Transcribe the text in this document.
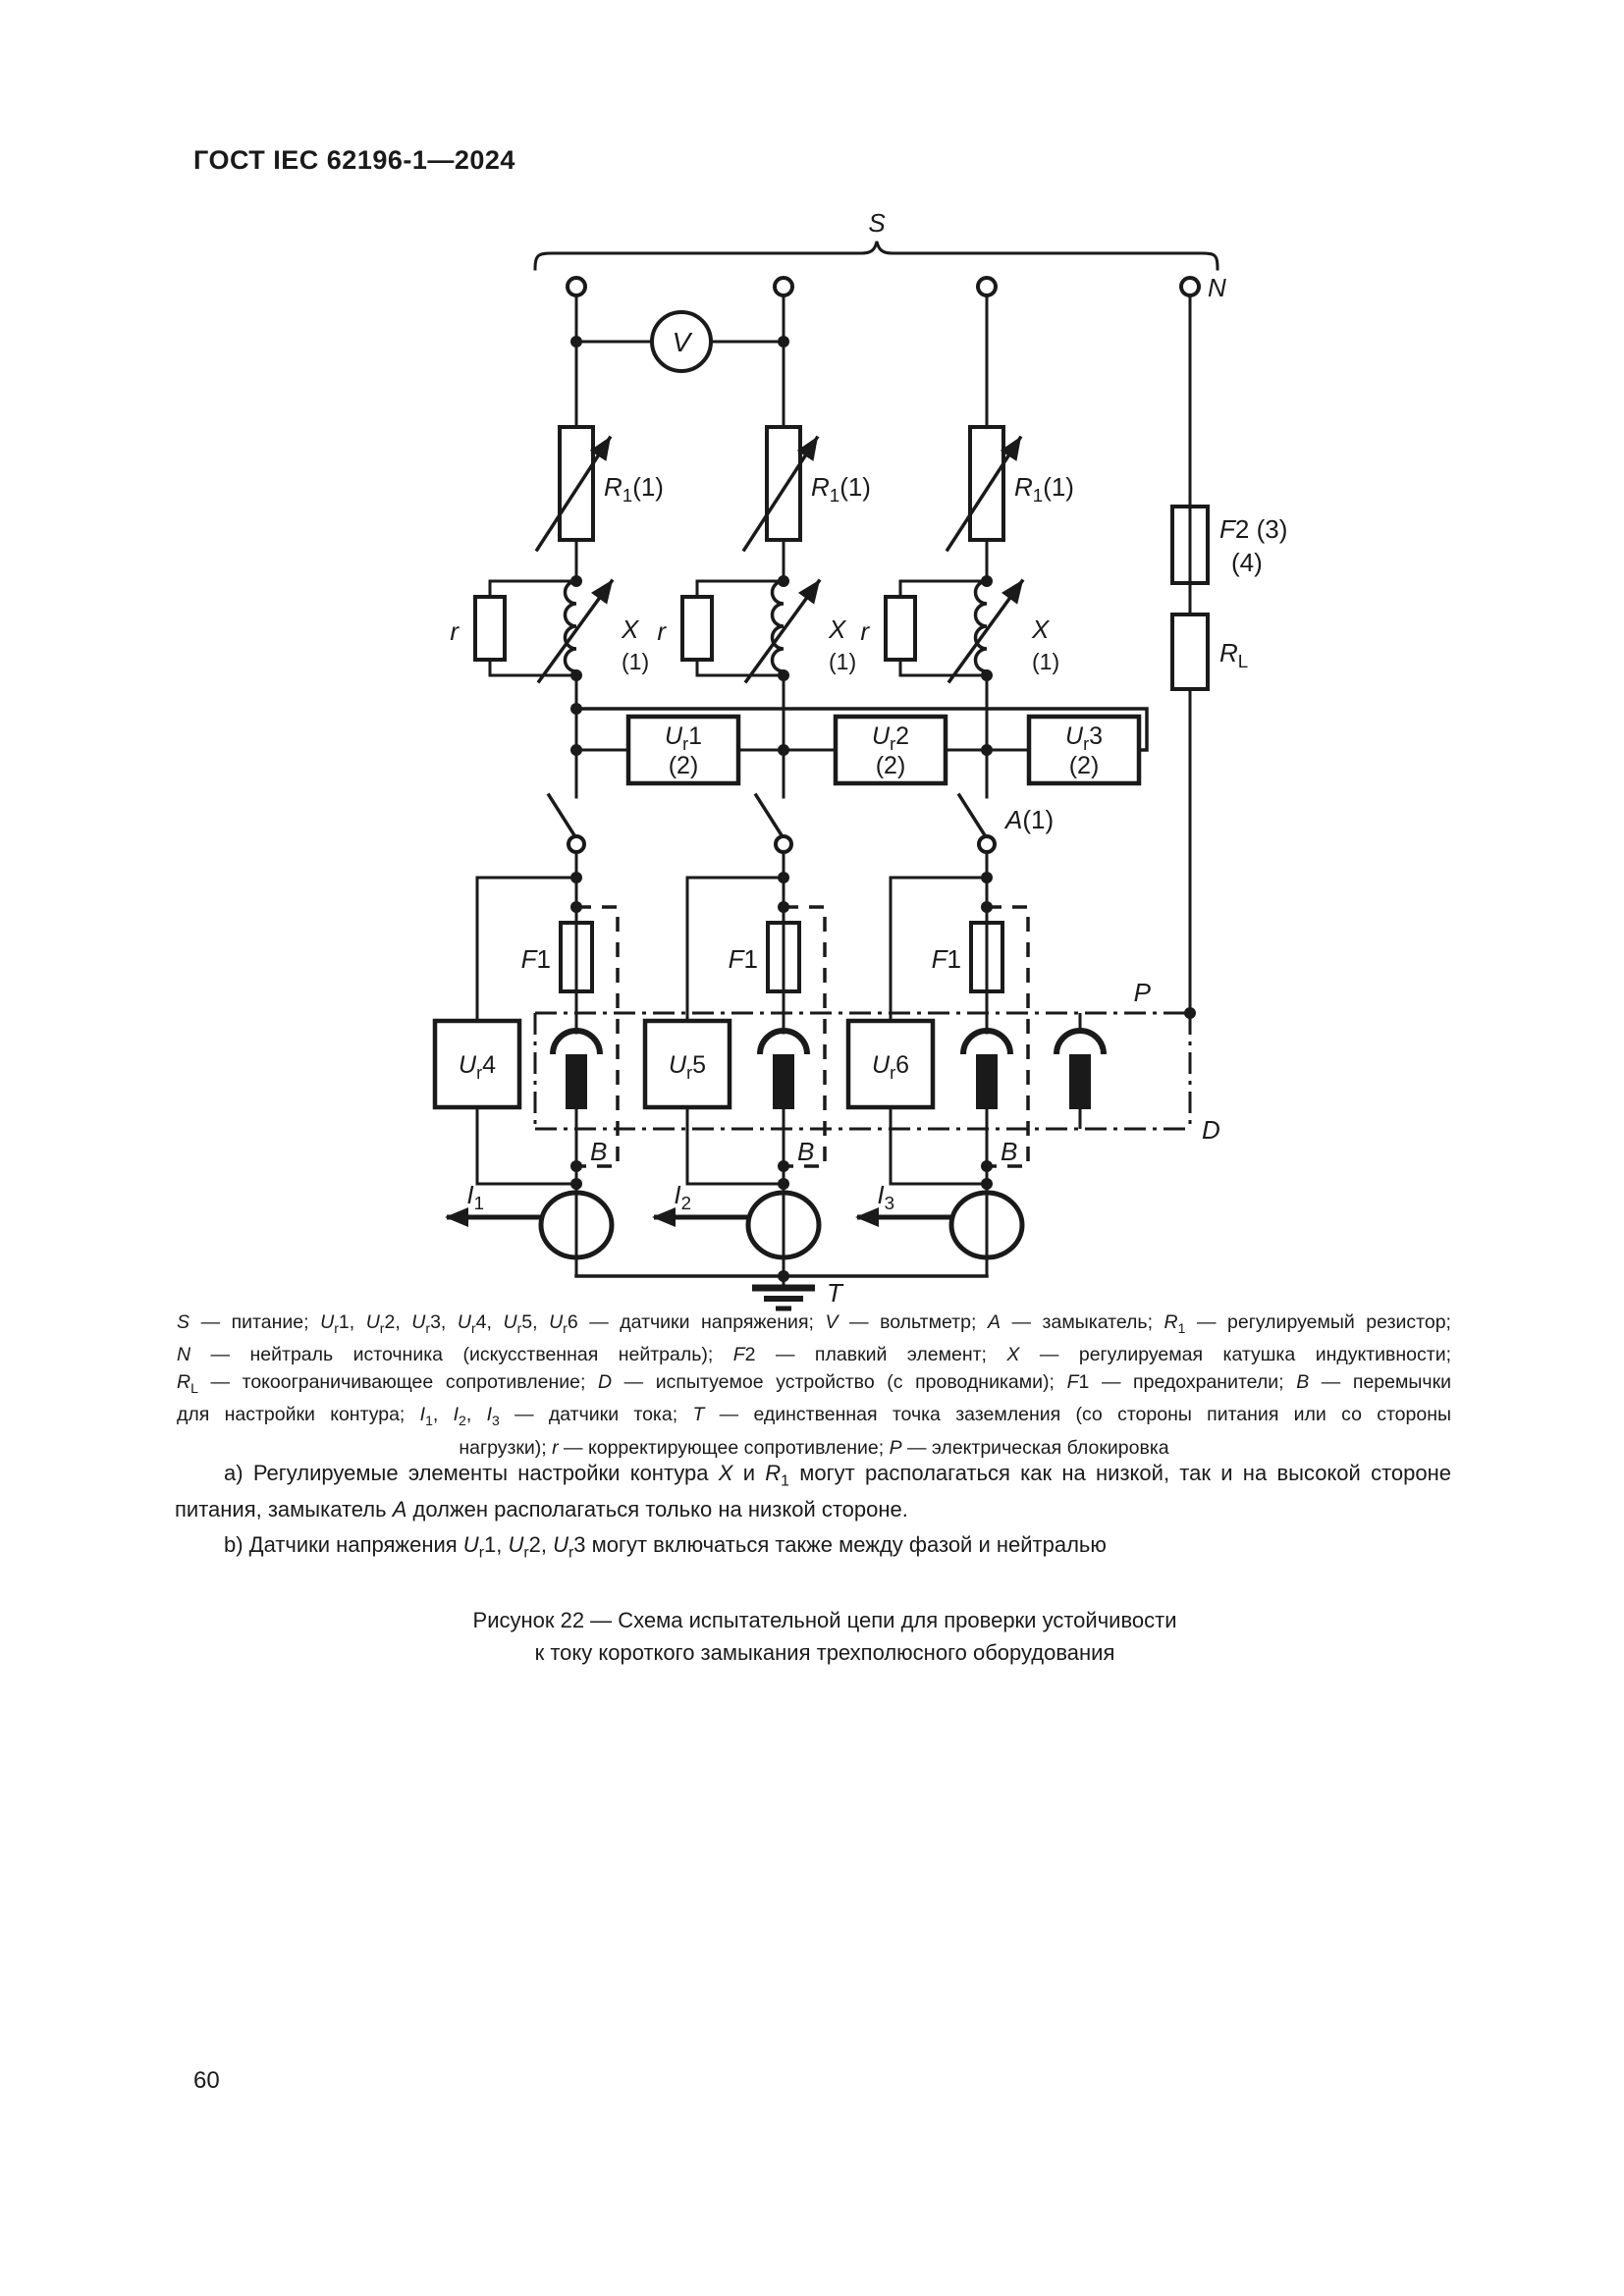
ГОСТ IEC 62196-1—2024
S
N
V
$R_1(1)$	$R_1(1)$	$R_1(1)$
r	X
(1)
r	X
(1)
r	X
(1)
$U_r1$
(2)
$U_r2$
(2)
$U_r3$
(2)
F2 (3)
(4)
$R_L$
A(1)
B	B	B
F1	F1	F1
P
D
$U_r4$	$U_r5$	$U_r6$
$I_1$	$I_2$	$I_3$
T
S — питание; $U_r1$, $U_r2$, $U_r3$, $U_r4$, $U_r5$, $U_r6$ — датчики напряжения; V — вольтметр; A — замыкатель; $R_1$ — регулируемый резистор;
N — нейтраль источника (искусственная нейтраль); F2 — плавкий элемент; X — регулируемая катушка индуктивности;
$R_L$ — токоограничивающее сопротивление; D — испытуемое устройство (с проводниками); F1 — предохранители; B — перемычки
для настройки контура; $I_1$, $I_2$, $I_3$ — датчики тока; T — единственная точка заземления (со стороны питания или со стороны
нагрузки); r — корректирующее сопротивление; P — электрическая блокировка

a) Регулируемые элементы настройки контура X и $R_1$ могут располагаться как на низкой, так и на высокой стороне питания, замыкатель A должен располагаться только на низкой стороне.

b) Датчики напряжения $U_r1$, $U_r2$, $U_r3$ могут включаться также между фазой и нейтралью

Рисунок 22 — Схема испытательной цепи для проверки устойчивости
к току короткого замыкания трехполюсного оборудования
60
